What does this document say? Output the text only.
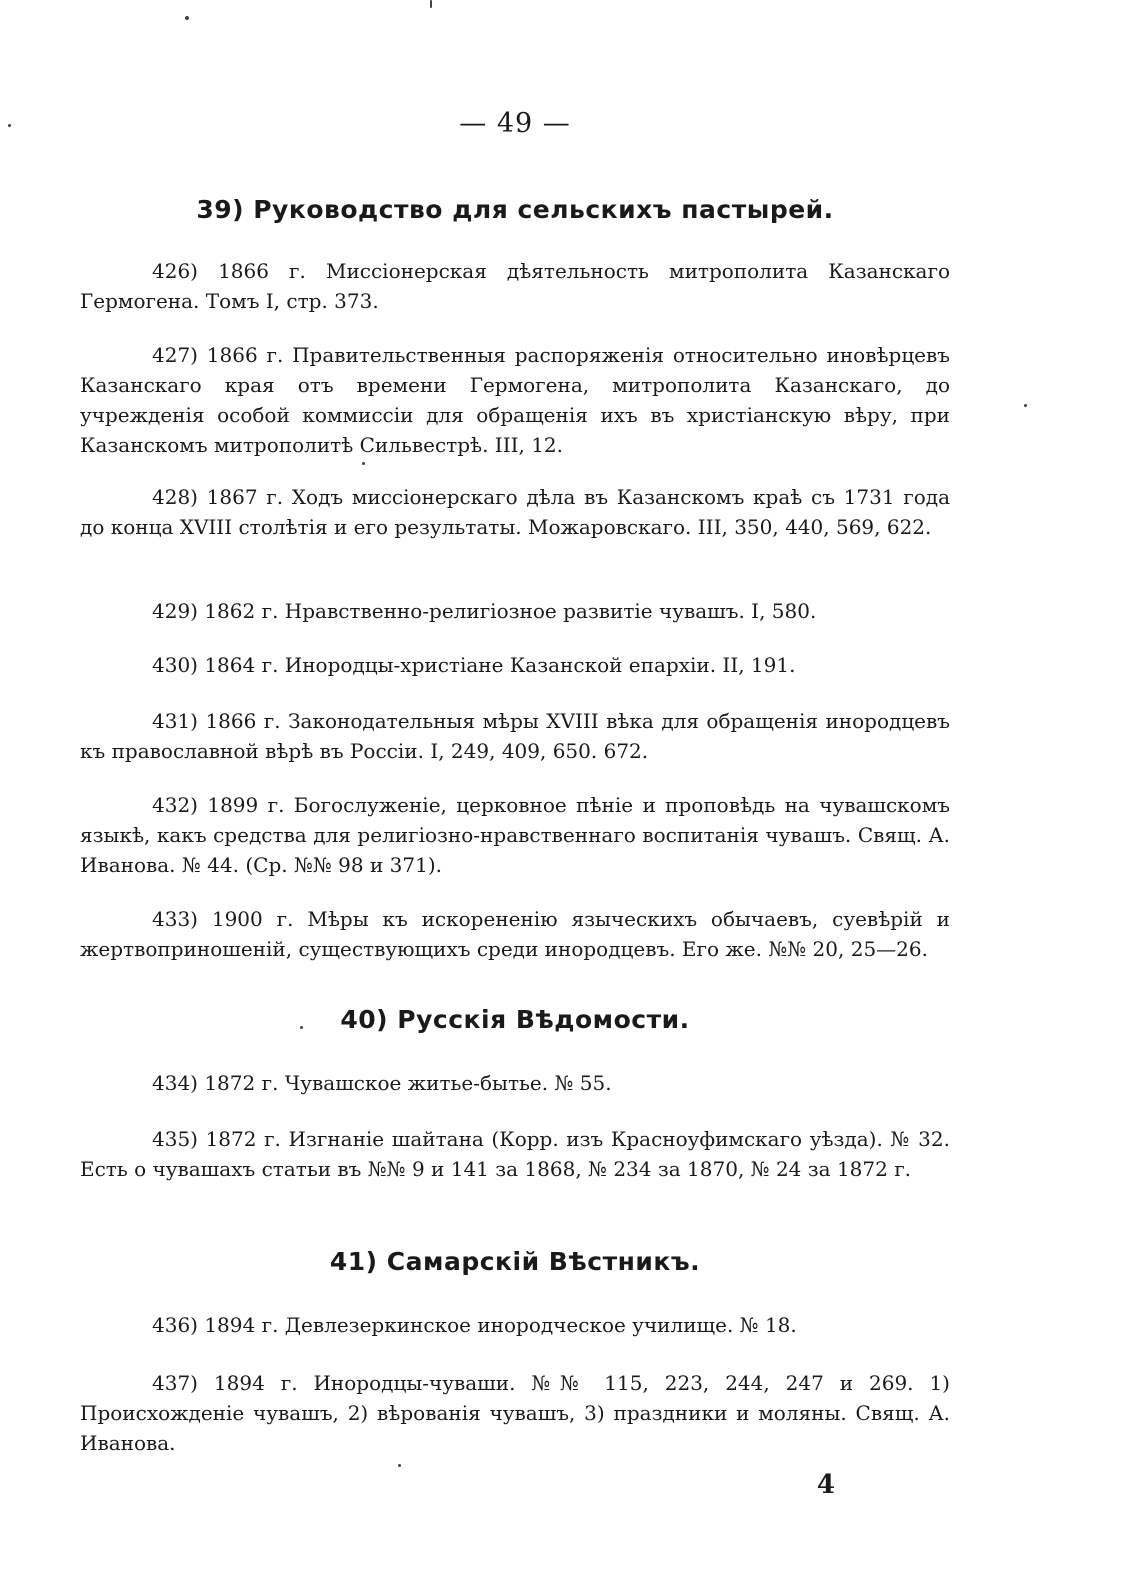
— 49 —
39) Руководство для сельскихъ пастырей.
426) 1866 г. Миссіонерская дѣятельность митрополита Казанскаго Гермогена. Томъ I, стр. 373.
427) 1866 г. Правительственныя распоряженія относительно иновѣрцевъ Казанскаго края отъ времени Гермогена, митрополита Казанскаго, до учрежденія особой коммиссіи для обращенія ихъ въ христіанскую вѣру, при Казанскомъ митрополитѣ Сильвестрѣ. III, 12.
428) 1867 г. Ходъ миссіонерскаго дѣла въ Казанскомъ краѣ съ 1731 года до конца XVIII столѣтія и его результаты. Можаровскаго. III, 350, 440, 569, 622.
429) 1862 г. Нравственно-религіозное развитіе чувашъ. I, 580.
430) 1864 г. Инородцы-христіане Казанской епархіи. II, 191.
431) 1866 г. Законодательныя мѣры XVIII вѣка для обращенія инородцевъ къ православной вѣрѣ въ Россіи. I, 249, 409, 650. 672.
432) 1899 г. Богослуженіе, церковное пѣніе и проповѣдь на чувашскомъ языкѣ, какъ средства для религіозно-нравственнаго воспитанія чувашъ. Свящ. А. Иванова. № 44. (Ср. №№ 98 и 371).
433) 1900 г. Мѣры къ искорененію языческихъ обычаевъ, суевѣрій и жертвоприношеній, существующихъ среди инородцевъ. Его же. №№ 20, 25—26.
40) Русскія Вѣдомости.
434) 1872 г. Чувашское житье-бытье. № 55.
435) 1872 г. Изгнаніе шайтана (Корр. изъ Красноуфимскаго уѣзда). № 32. Есть о чувашахъ статьи въ №№ 9 и 141 за 1868, № 234 за 1870, № 24 за 1872 г.
41) Самарскій Вѣстникъ.
436) 1894 г. Девлезеркинское инородческое училище. № 18.
437) 1894 г. Инородцы-чуваши. №№ 115, 223, 244, 247 и 269. 1) Происхожденіе чувашъ, 2) вѣрованія чувашъ, 3) праздники и моляны. Свящ. А. Иванова.
4
